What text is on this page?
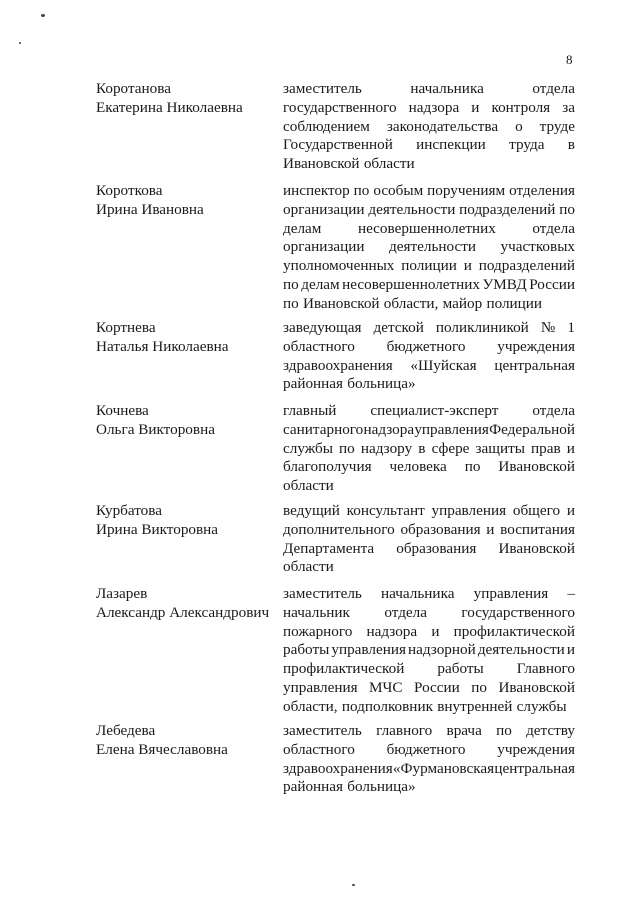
8
Коротанова
Екатерина Николаевна
заместитель	начальника	отдела
государственного надзора и контроля за
соблюдением законодательства о труде
Государственной инспекции труда в
Ивановской области
Короткова
Ирина Ивановна
инспектор по особым поручениям отделения
организации деятельности подразделений по
делам несовершеннолетних отдела
организации деятельности участковых
уполномоченных полиции и подразделений
по делам несовершеннолетних УМВД России
по Ивановской области, майор полиции
Кортнева
Наталья Николаевна
заведующая детской поликлиникой № 1
областного бюджетного учреждения
здравоохранения «Шуйская центральная
районная больница»
Кочнева
Ольга Викторовна
главный специалист-эксперт отдела
санитарного надзора управления Федеральной
службы по надзору в сфере защиты прав и
благополучия человека по Ивановской
области
Курбатова
Ирина Викторовна
ведущий консультант управления общего и
дополнительного образования и воспитания
Департамента образования Ивановской
области
Лазарев
Александр Александрович
заместитель начальника управления –
начальник отдела государственного
пожарного надзора и профилактической
работы управления надзорной деятельности и
профилактической работы Главного
управления МЧС России по Ивановской
области, подполковник внутренней службы
Лебедева
Елена Вячеславовна
заместитель главного врача по детству
областного бюджетного учреждения
здравоохранения «Фурмановская центральная
районная больница»
